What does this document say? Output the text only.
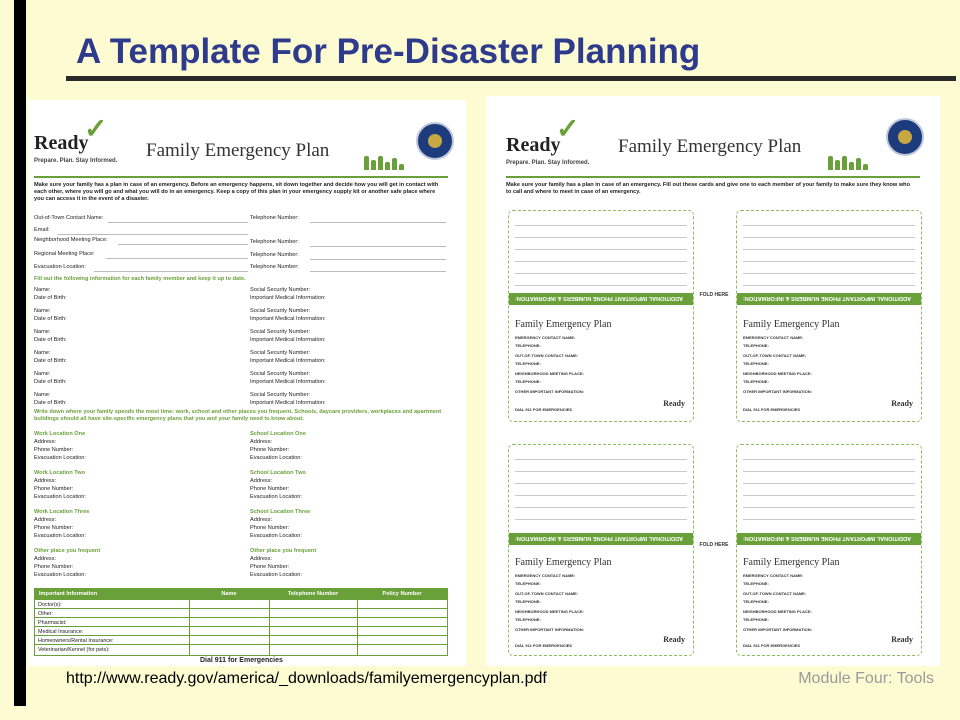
A Template For Pre-Disaster Planning
Ready
✓
Prepare. Plan. Stay Informed. Family Emergency Plan
Make sure your family has a plan in case of an emergency. Before an emergency happens, sit down together and decide how you will get in contact with each other, where you will go and what you will do in an emergency. Keep a copy of this plan in your emergency supply kit or another safe place where you can access it in the event of a disaster.
Out-of-Town Contact Name:	Telephone Number:
Email:
Neighborhood Meeting Place:	Telephone Number:
Regional Meeting Place:	Telephone Number:
Evacuation Location:	Telephone Number:
Fill out the following information for each family member and keep it up to date.
Name:
Date of Birth:
Social Security Number:
Important Medical Information:
Name:
Date of Birth:
Social Security Number:
Important Medical Information:
Name:
Date of Birth:
Social Security Number:
Important Medical Information:
Name:
Date of Birth:
Social Security Number:
Important Medical Information:
Name:
Date of Birth:
Social Security Number:
Important Medical Information:
Name:
Date of Birth:
Social Security Number:
Important Medical Information:
Write down where your family spends the most time: work, school and other places you frequent. Schools, daycare providers, workplaces and apartment buildings should all have site-specific emergency plans that you and your family need to know about.
Work Location One
Address:
Phone Number:
Evacuation Location:
School Location One
Address:
Phone Number:
Evacuation Location:
Work Location Two
Address:
Phone Number:
Evacuation Location:
School Location Two
Address:
Phone Number:
Evacuation Location:
Work Location Three
Address:
Phone Number:
Evacuation Location:
School Location Three
Address:
Phone Number:
Evacuation Location:
Other place you frequent
Address:
Phone Number:
Evacuation Location:
Other place you frequent
Address:
Phone Number:
Evacuation Location:
Important Information	Name	Telephone Number	Policy Number
Doctor(s):
Other:
Pharmacist:
Medical Insurance:
Homeowners/Rental Insurance:
Veterinarian/Kennel (for pets):
Dial 911 for Emergencies
Ready
✓
Prepare. Plan. Stay Informed.
Family Emergency Plan
Make sure your family has a plan in case of an emergency. Fill out these cards and give one to each member of your family to make sure they know who to call and where to meet in case of an emergency.
ADDITIONAL IMPORTANT PHONE NUMBERS & INFORMATION:
Family Emergency Plan
EMERGENCY CONTACT NAME:
TELEPHONE:
OUT-OF-TOWN CONTACT NAME:
TELEPHONE:
NEIGHBORHOOD MEETING PLACE:
TELEPHONE:
OTHER IMPORTANT INFORMATION:
DIAL 911 FOR EMERGENCIES
Ready
ADDITIONAL IMPORTANT PHONE NUMBERS & INFORMATION:
Family Emergency Plan
EMERGENCY CONTACT NAME:
TELEPHONE:
OUT-OF-TOWN CONTACT NAME:
TELEPHONE:
NEIGHBORHOOD MEETING PLACE:
TELEPHONE:
OTHER IMPORTANT INFORMATION:
DIAL 911 FOR EMERGENCIES
Ready
FOLD HERE
ADDITIONAL IMPORTANT PHONE NUMBERS & INFORMATION:
Family Emergency Plan
EMERGENCY CONTACT NAME:
TELEPHONE:
OUT-OF-TOWN CONTACT NAME:
TELEPHONE:
NEIGHBORHOOD MEETING PLACE:
TELEPHONE:
OTHER IMPORTANT INFORMATION:
DIAL 911 FOR EMERGENCIES
Ready
ADDITIONAL IMPORTANT PHONE NUMBERS & INFORMATION:
Family Emergency Plan
EMERGENCY CONTACT NAME:
TELEPHONE:
OUT-OF-TOWN CONTACT NAME:
TELEPHONE:
NEIGHBORHOOD MEETING PLACE:
TELEPHONE:
OTHER IMPORTANT INFORMATION:
DIAL 911 FOR EMERGENCIES
Ready
FOLD HERE
http://www.ready.gov/america/_downloads/familyemergencyplan.pdf	Module Four: Tools
